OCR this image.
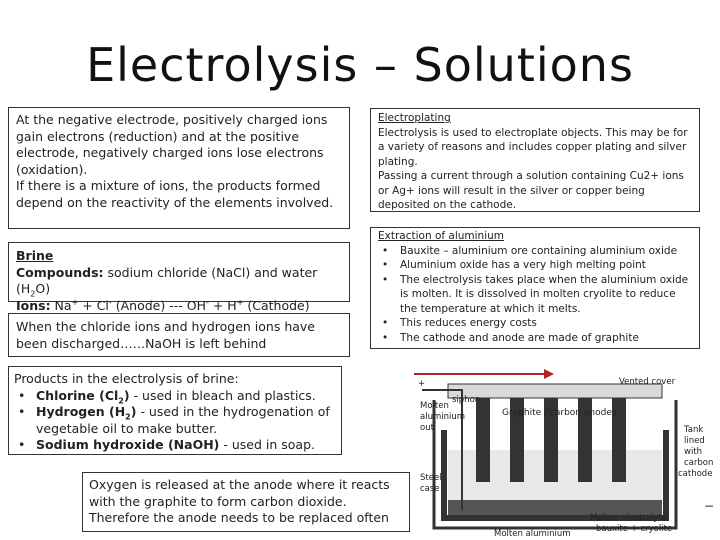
Electrolysis – Solutions

At the negative electrode, positively charged ions gain electrons (reduction) and at the positive electrode, negatively charged ions lose electrons (oxidation).

If there is a mixture of ions, the products formed depend on the reactivity of the elements involved.

Brine

Compounds: sodium chloride (NaCl) and water $(H_2O)$

Ions: Na+ + Cl- (Anode) --- OH- + H+ (Cathode)

When the chloride ions and hydrogen ions have been discharged……NaOH is left behind

Products in the electrolysis of brine:

• Chlorine $(Cl_2)$ - used in bleach and plastics.
• Hydrogen $(H_2)$ - used in the hydrogenation of vegetable oil to make butter.
• Sodium hydroxide (NaOH) - used in soap.

Oxygen is released at the anode where it reacts with the graphite to form carbon dioxide. Therefore the anode needs to be replaced often

Electroplating

Electrolysis is used to electroplate objects. This may be for a variety of reasons and includes copper plating and silver plating.

Passing a current through a solution containing Cu2+ ions or Ag+ ions will result in the silver or copper being deposited on the cathode.

Extraction of aluminium

• Bauxite – aluminium ore containing aluminium oxide
• Aluminium oxide has a very high melting point
• The electrolysis takes place when the aluminium oxide is molten. It is dissolved in molten cryolite to reduce the temperature at which it melts.
• This reduces energy costs
• The cathode and anode are made of graphite
+	Vented cover
siphon
Molten
aluminium
out
Graphite / carbon anodes
Tank
lined
with
carbon
cathode
Steel
case
Molten aluminium
Molten electrolyte
bauxite + cryolite
−
